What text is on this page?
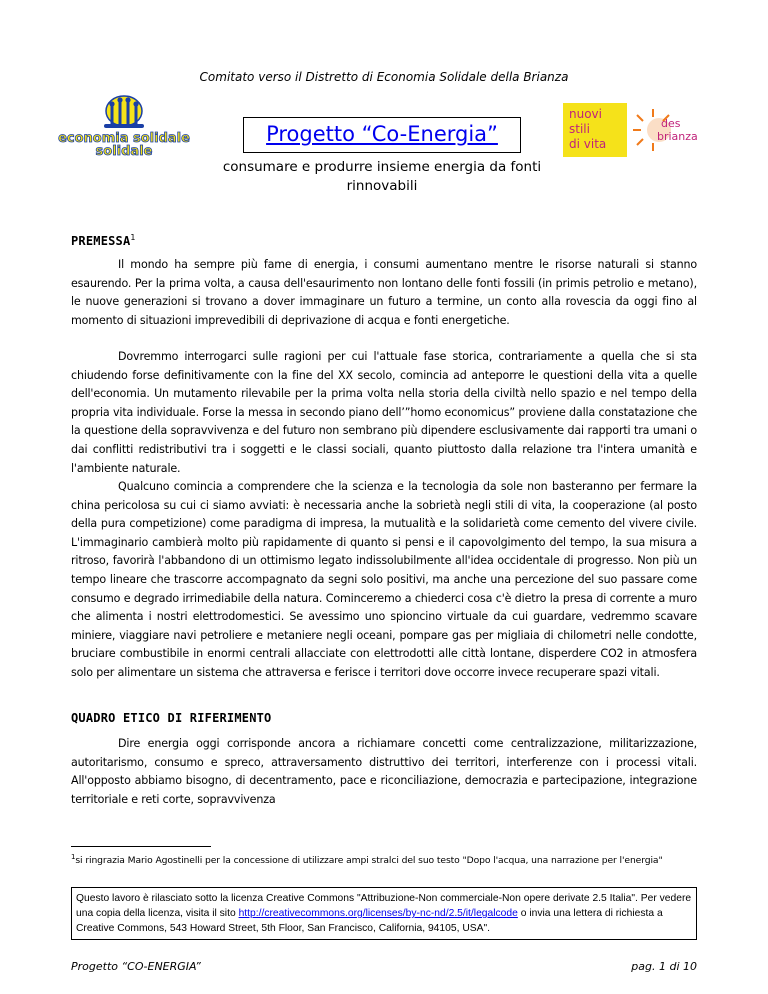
Comitato verso il Distretto di Economia Solidale della Brianza
economia solidale
solidale
Progetto “Co-Energia”
consumare e produrre insieme energia da fonti rinnovabili
nuovi
stili
di vita
des
brianza
PREMESSA$^1$

Il mondo ha sempre più fame di energia, i consumi aumentano mentre le risorse naturali si stanno esaurendo. Per la prima volta, a causa dell'esaurimento non lontano delle fonti fossili (in primis petrolio e metano), le nuove generazioni si trovano a dover immaginare un futuro a termine, un conto alla rovescia da oggi fino al momento di situazioni imprevedibili di deprivazione di acqua e fonti energetiche.

Dovremmo interrogarci sulle ragioni per cui l'attuale fase storica, contrariamente a quella che si sta chiudendo forse definitivamente con la fine del XX secolo, comincia ad anteporre le questioni della vita a quelle dell'economia. Un mutamento rilevabile per la prima volta nella storia della civiltà nello spazio e nel tempo della propria vita individuale. Forse la messa in secondo piano dell’”homo economicus” proviene dalla constatazione che la questione della sopravvivenza e del futuro non sembrano più dipendere esclusivamente dai rapporti tra umani o dai conflitti redistributivi tra i soggetti e le classi sociali, quanto piuttosto dalla relazione tra l'intera umanità e l'ambiente naturale.

Qualcuno comincia a comprendere che la scienza e la tecnologia da sole non basteranno per fermare la china pericolosa su cui ci siamo avviati: è necessaria anche la sobrietà negli stili di vita, la cooperazione (al posto della pura competizione) come paradigma di impresa, la mutualità e la solidarietà come cemento del vivere civile. L'immaginario cambierà molto più rapidamente di quanto si pensi e il capovolgimento del tempo, la sua misura a ritroso, favorirà l'abbandono di un ottimismo legato indissolubilmente all'idea occidentale di progresso. Non più un tempo lineare che trascorre accompagnato da segni solo positivi, ma anche una percezione del suo passare come consumo e degrado irrimediabile della natura. Cominceremo a chiederci cosa c'è dietro la presa di corrente a muro che alimenta i nostri elettrodomestici. Se avessimo uno spioncino virtuale da cui guardare, vedremmo scavare miniere, viaggiare navi petroliere e metaniere negli oceani, pompare gas per migliaia di chilometri nelle condotte, bruciare combustibile in enormi centrali allacciate con elettrodotti alle città lontane, disperdere CO2 in atmosfera solo per alimentare un sistema che attraversa e ferisce i territori dove occorre invece recuperare spazi vitali.

QUADRO ETICO DI RIFERIMENTO

Dire energia oggi corrisponde ancora a richiamare concetti come centralizzazione, militarizzazione, autoritarismo, consumo e spreco, attraversamento distruttivo dei territori, interferenze con i processi vitali. All'opposto abbiamo bisogno, di decentramento, pace e riconciliazione, democrazia e partecipazione, integrazione territoriale e reti corte, sopravvivenza

$^1$si ringrazia Mario Agostinelli per la concessione di utilizzare ampi stralci del suo testo "Dopo l'acqua, una narrazione per l'energia"
Questo lavoro è rilasciato sotto la licenza Creative Commons "Attribuzione-Non commerciale-Non opere derivate 2.5 Italia". Per vedere una copia della licenza, visita il sito http://creativecommons.org/licenses/by-nc-nd/2.5/it/legalcode o invia una lettera di richiesta a Creative Commons, 543 Howard Street, 5th Floor, San Francisco, California, 94105, USA".
Progetto “CO-ENERGIA”	pag. 1 di 10
